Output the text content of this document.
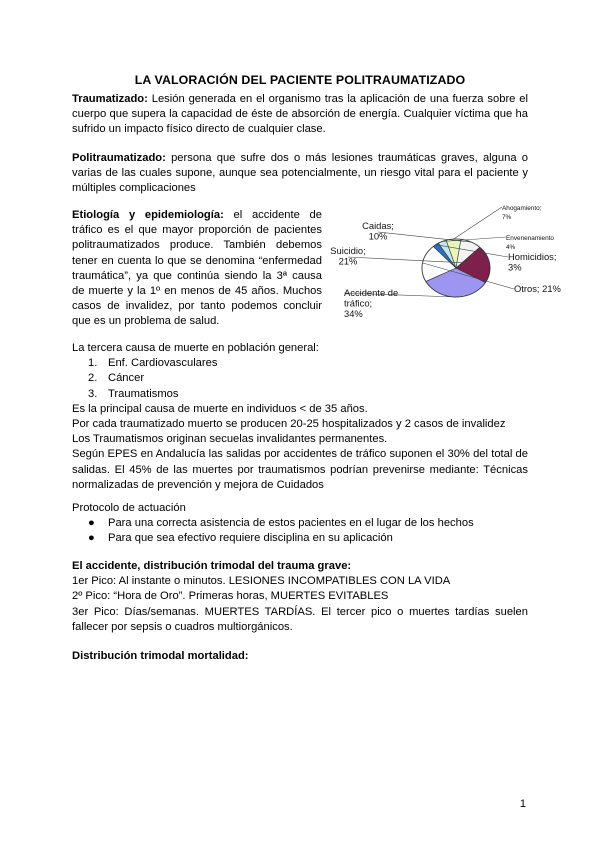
LA VALORACIÓN DEL PACIENTE POLITRAUMATIZADO
Traumatizado: Lesión generada en el organismo tras la aplicación de una fuerza sobre el cuerpo que supera la capacidad de éste de absorción de energía. Cualquier víctima que ha sufrido un impacto físico directo de cualquier clase.
Politraumatizado: persona que sufre dos o más lesiones traumáticas graves, alguna o varias de las cuales supone, aunque sea potencialmente, un riesgo vital para el paciente y múltiples complicaciones
Etiología y epidemiología: el accidente de tráfico es el que mayor proporción de pacientes politraumatizados produce. También debemos tener en cuenta lo que se denomina “enfermedad traumática”, ya que continúa siendo la 3ª causa de muerte y la 1º en menos de 45 años. Muchos casos de invalidez, por tanto podemos concluir que es un problema de salud.
Accidente de tráfico; 34%
Otros; 21%
Homicidios; 3%
Envenenamiento 4%
Ahogamiento; 7%
Caidas; 10%
Suicidio; 21%
La tercera causa de muerte en población general:
1. Enf. Cardiovasculares
2. Cáncer
3. Traumatismos
Es la principal causa de muerte en individuos < de 35 años.
Por cada traumatizado muerto se producen 20-25 hospitalizados y 2 casos de invalidez
Los Traumatismos originan secuelas invalidantes permanentes.
Según EPES en Andalucía las salidas por accidentes de tráfico suponen el 30% del total de salidas. El 45% de las muertes por traumatismos podrían prevenirse mediante: Técnicas normalizadas de prevención y mejora de Cuidados
Protocolo de actuación
● Para una correcta asistencia de estos pacientes en el lugar de los hechos
● Para que sea efectivo requiere disciplina en su aplicación
El accidente, distribución trimodal del trauma grave:
1er Pico: Al instante o minutos. LESIONES INCOMPATIBLES CON LA VIDA
2º Pico: “Hora de Oro”. Primeras horas, MUERTES EVITABLES
3er Pico: Días/semanas. MUERTES TARDÍAS. El tercer pico o muertes tardías suelen fallecer por sepsis o cuadros multiorgánicos.
Distribución trimodal mortalidad:
1
